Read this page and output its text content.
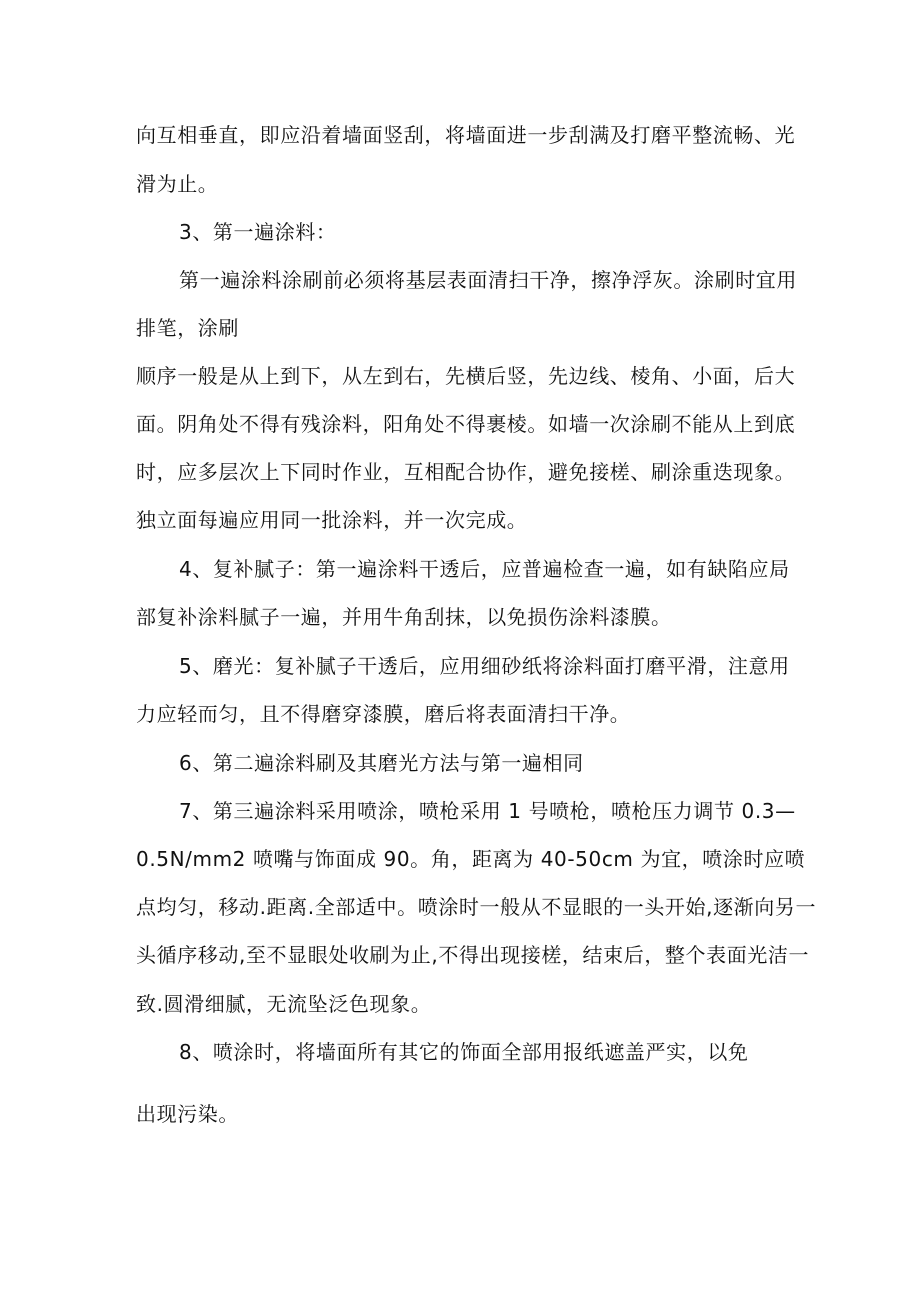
向互相垂直，即应沿着墙面竖刮，将墙面进一步刮满及打磨平整流畅、光
滑为止。
3、第一遍涂料：
第一遍涂料涂刷前必须将基层表面清扫干净，擦净浮灰。涂刷时宜用
排笔，涂刷
顺序一般是从上到下，从左到右，先横后竖，先边线、棱角、小面，后大
面。阴角处不得有残涂料，阳角处不得裹棱。如墙一次涂刷不能从上到底
时，应多层次上下同时作业，互相配合协作，避免接槎、刷涂重迭现象。
独立面每遍应用同一批涂料，并一次完成。
4、复补腻子：第一遍涂料干透后，应普遍检查一遍，如有缺陷应局
部复补涂料腻子一遍，并用牛角刮抹，以免损伤涂料漆膜。
5、磨光：复补腻子干透后，应用细砂纸将涂料面打磨平滑，注意用
力应轻而匀，且不得磨穿漆膜，磨后将表面清扫干净。
6、第二遍涂料刷及其磨光方法与第一遍相同
7、第三遍涂料采用喷涂，喷枪采用 1 号喷枪，喷枪压力调节 0.3—
0.5N/mm2 喷嘴与饰面成 90。角，距离为 40-50cm 为宜，喷涂时应喷
点均匀，移动.距离.全部适中。喷涂时一般从不显眼的一头开始,逐渐向另一
头循序移动,至不显眼处收刷为止,不得出现接槎，结束后，整个表面光洁一
致.圆滑细腻，无流坠泛色现象。
8、喷涂时，将墙面所有其它的饰面全部用报纸遮盖严实，以免
出现污染。
